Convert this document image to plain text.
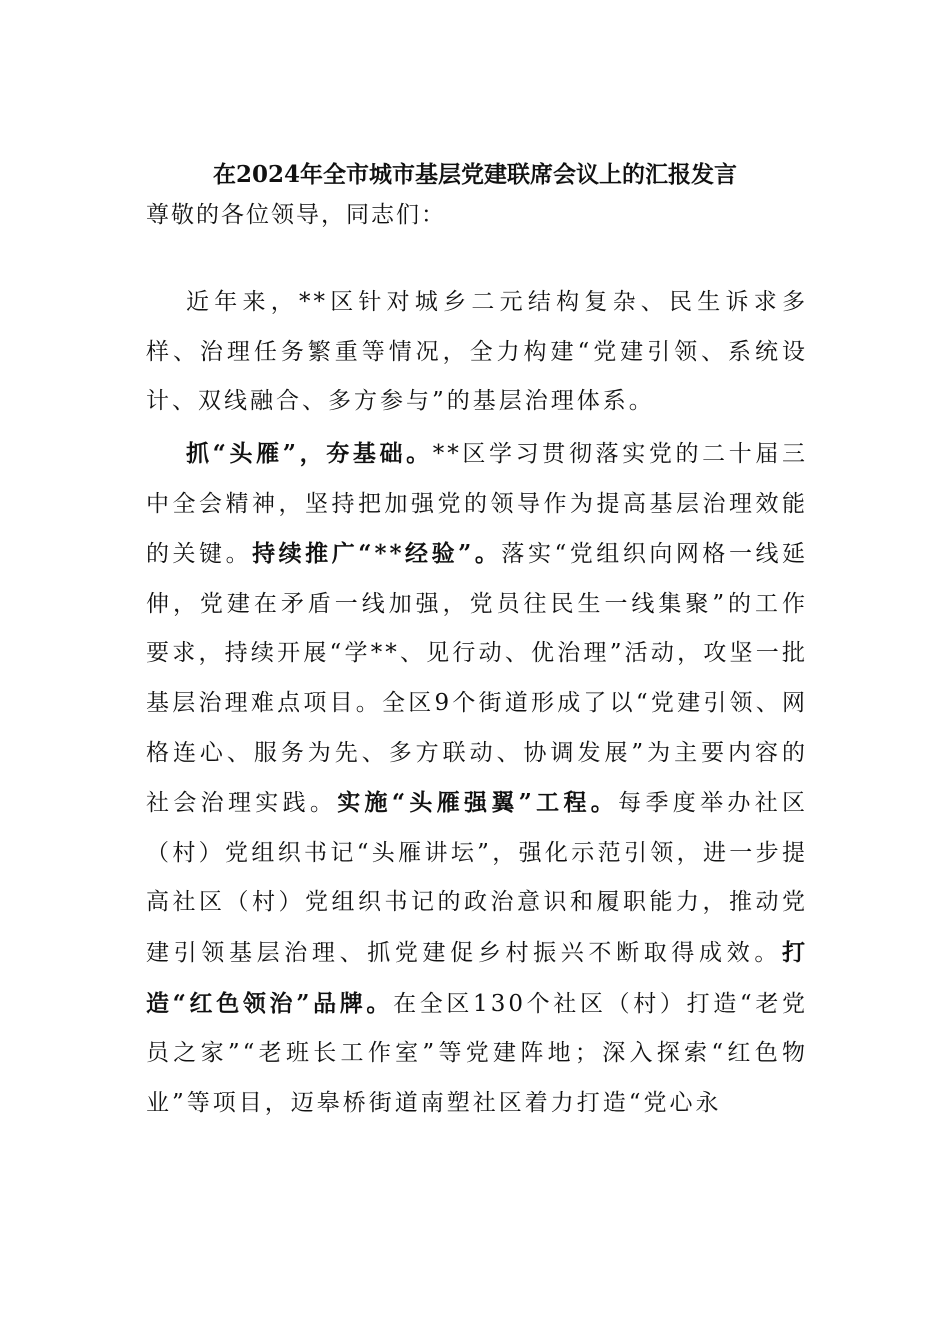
在2024年全市城市基层党建联席会议上的汇报发言
尊敬的各位领导，同志们：
近年来，**区针对城乡二元结构复杂、民生诉求多样、治理任务繁重等情况，全力构建“党建引领、系统设计、双线融合、多方参与”的基层治理体系。
抓“头雁”，夯基础。**区学习贯彻落实党的二十届三中全会精神，坚持把加强党的领导作为提高基层治理效能的关键。持续推广“**经验”。落实“党组织向网格一线延伸，党建在矛盾一线加强，党员往民生一线集聚”的工作要求，持续开展“学**、见行动、优治理”活动，攻坚一批基层治理难点项目。全区9个街道形成了以“党建引领、网格连心、服务为先、多方联动、协调发展”为主要内容的社会治理实践。实施“头雁强翼”工程。每季度举办社区（村）党组织书记“头雁讲坛”，强化示范引领，进一步提高社区（村）党组织书记的政治意识和履职能力，推动党建引领基层治理、抓党建促乡村振兴不断取得成效。打造“红色领治”品牌。在全区130个社区（村）打造“老党员之家”“老班长工作室”等党建阵地；深入探索“红色物业”等项目，迈皋桥街道南塑社区着力打造“党心永
